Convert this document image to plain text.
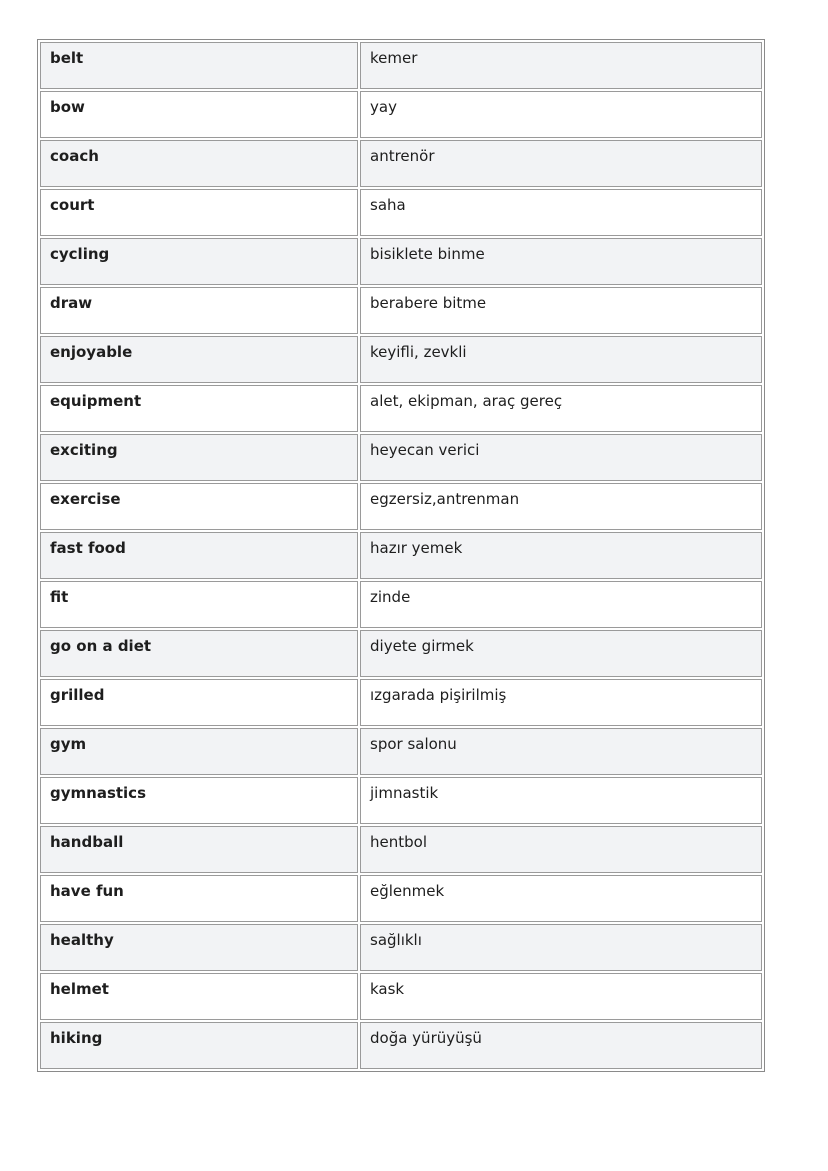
belt	kemer
bow	yay
coach	antrenör
court	saha
cycling	bisiklete binme
draw	berabere bitme
enjoyable	keyifli, zevkli
equipment	alet, ekipman, araç gereç
exciting	heyecan verici
exercise	egzersiz,antrenman
fast food	hazır yemek
fit	zinde
go on a diet	diyete girmek
grilled	ızgarada pişirilmiş
gym	spor salonu
gymnastics	jimnastik
handball	hentbol
have fun	eğlenmek
healthy	sağlıklı
helmet	kask
hiking	doğa yürüyüşü
